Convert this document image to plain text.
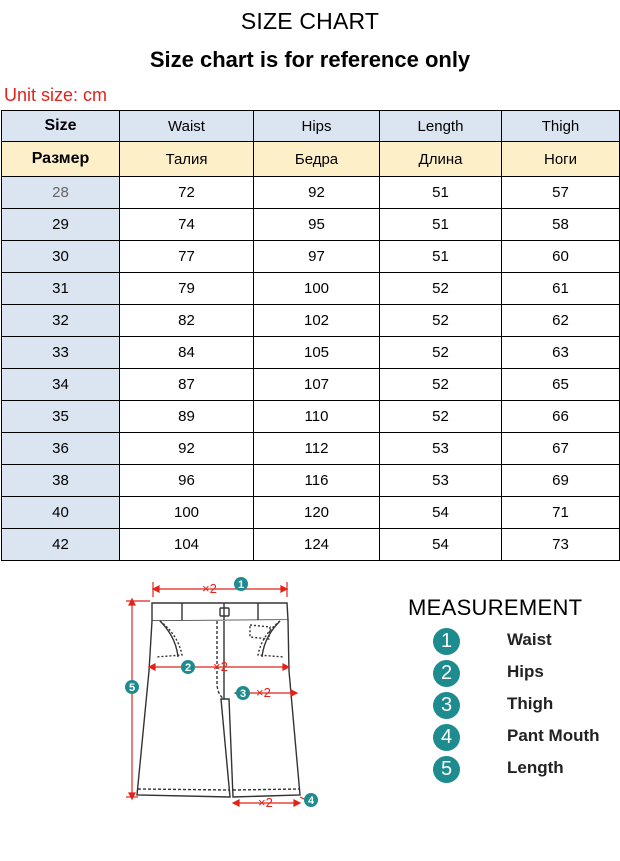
SIZE CHART
Size chart is for reference only
Unit size: cm
Size	Waist	Hips	Length	Thigh
Размер	Талия	Бедра	Длина	Ноги
28	72	92	51	57
29	74	95	51	58
30	77	97	51	60
31	79	100	52	61
32	82	102	52	62
33	84	105	52	63
34	87	107	52	65
35	89	110	52	66
36	92	112	53	67
38	96	116	53	69
40	100	120	54	71
42	104	124	54	73
×2
×2
×2
×2
1
2
3
4
5
MEASUREMENT
1	Waist
2	Hips
3	Thigh
4	Pant Mouth
5	Length
